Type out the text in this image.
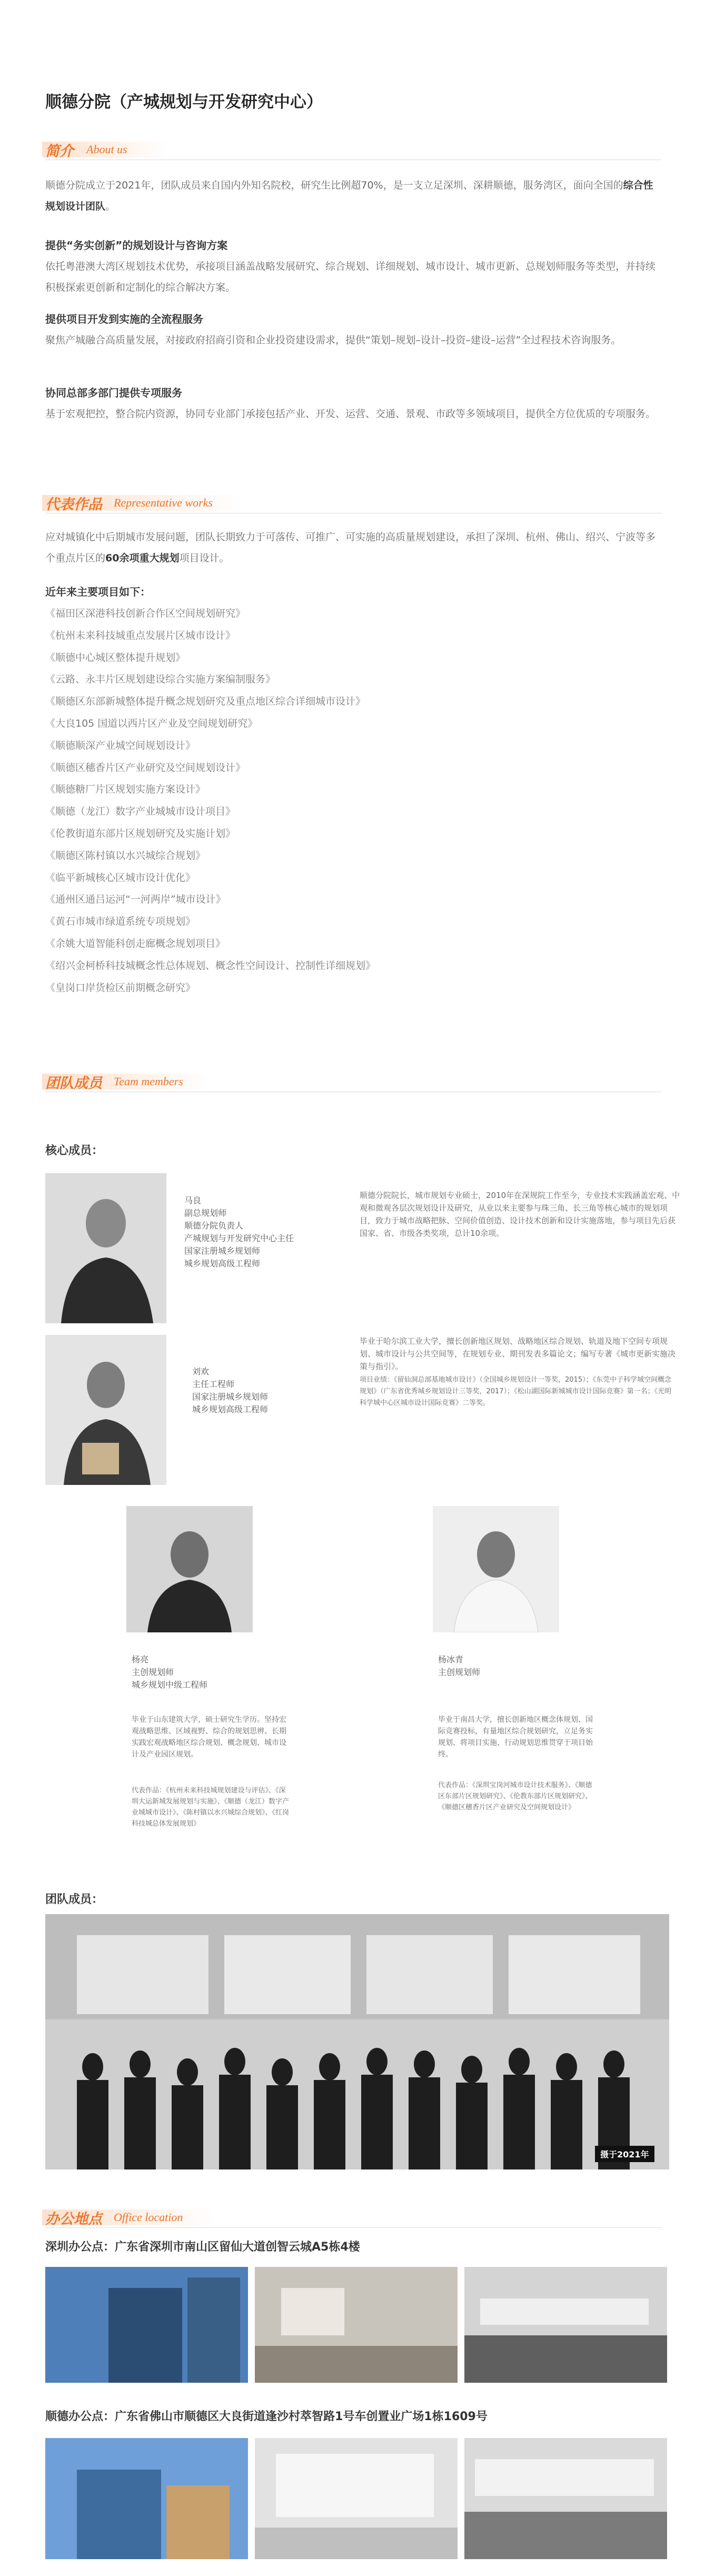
顺德分院（产城规划与开发研究中心）
简介 About us
顺德分院成立于2021年，团队成员来自国内外知名院校，研究生比例超70%，是一支立足深圳、深耕顺德，服务湾区，面向全国的综合性规划设计团队。
提供“务实创新”的规划设计与咨询方案
依托粤港澳大湾区规划技术优势，承接项目涵盖战略发展研究、综合规划、详细规划、城市设计、城市更新、总规划师服务等类型，并持续积极探索更创新和定制化的综合解决方案。
提供项目开发到实施的全流程服务
聚焦产城融合高质量发展，对接政府招商引资和企业投资建设需求，提供“策划–规划–设计–投资–建设–运营”全过程技术咨询服务。
协同总部多部门提供专项服务
基于宏观把控，整合院内资源，协同专业部门承接包括产业、开发、运营、交通、景观、市政等多领域项目，提供全方位优质的专项服务。
代表作品 Representative works
应对城镇化中后期城市发展问题，团队长期致力于可落传、可推广、可实施的高质量规划建设，承担了深圳、杭州、佛山、绍兴、宁波等多个重点片区的60余项重大规划项目设计。
近年来主要项目如下：
《福田区深港科技创新合作区空间规划研究》
《杭州未来科技城重点发展片区城市设计》
《顺德中心城区整体提升规划》
《云路、永丰片区规划建设综合实施方案编制服务》
《顺德区东部新城整体提升概念规划研究及重点地区综合详细城市设计》
《大良105 国道以西片区产业及空间规划研究》
《顺德顺深产业城空间规划设计》
《顺德区穗香片区产业研究及空间规划设计》
《顺德糖厂片区规划实施方案设计》
《顺德（龙江）数字产业城城市设计项目》
《伦教街道东部片区规划研究及实施计划》
《顺德区陈村镇以水兴城综合规划》
《临平新城核心区城市设计优化》
《通州区通吕运河“一河两岸”城市设计》
《黄石市城市绿道系统专项规划》
《余姚大道智能科创走廊概念规划项目》
《绍兴金柯桥科技城概念性总体规划、概念性空间设计、控制性详细规划》
《皇岗口岸货检区前期概念研究》
团队成员 Team members
核心成员：
马良
副总规划师
顺德分院负责人
产城规划与开发研究中心主任
国家注册城乡规划师
城乡规划高级工程师
顺德分院院长，城市规划专业硕士，2010年在深规院工作至今，专业技术实践涵盖宏观、中观和微观各层次规划设计及研究，从业以来主要参与珠三角、长三角等核心城市的规划项目，致力于城市战略把脉、空间价值创造、设计技术创新和设计实施落地，参与项目先后获国家、省、市级各类奖项，总计10余项。
刘欢
主任工程师
国家注册城乡规划师
城乡规划高级工程师
毕业于哈尔滨工业大学，擅长创新地区规划、战略地区综合规划、轨道及地下空间专项规划、城市设计与公共空间等，在规划专业、期刊发表多篇论文；编写专著《城市更新实施决策与指引》。
项目业绩：《留仙洞总部基地城市设计》（全国城乡规划设计一等奖，2015）；《东莞中子科学城空间概念规划》（广东省优秀城乡规划设计三等奖，2017）；《松山湖国际新城城市设计国际竞赛》第一名；《光明科学城中心区城市设计国际竞赛》二等奖。
杨亮
主创规划师
城乡规划中级工程师
毕业于山东建筑大学，硕士研究生学历。坚持宏观战略思维、区域视野、综合的规划思辨、长期实践宏观战略地区综合规划、概念规划、城市设计及产业园区规划。
代表作品：《杭州未来科技城规划建设与评估》、《深圳大运新城发展规划与实施》、《顺德（龙江）数字产业城城市设计》、《陈村镇以水兴城综合规划》、《红岗科技城总体发展规划》
杨冰青
主创规划师
毕业于南昌大学，擅长创新地区概念体规划、国际竞赛投标，有量地区综合规划研究，立足务实规划、将项目实施、行动规划思维贯穿于项目始终。
代表作品：《深圳宝岗河城市设计技术服务》、《顺德区东部片区规划研究》、《伦教东部片区规划研究》、《顺德区穗香片区产业研究及空间规划设计》
团队成员：
摄于2021年
办公地点 Office location
深圳办公点：广东省深圳市南山区留仙大道创智云城A5栋4楼
顺德办公点：广东省佛山市顺德区大良街道逢沙村萃智路1号车创置业广场1栋1609号
